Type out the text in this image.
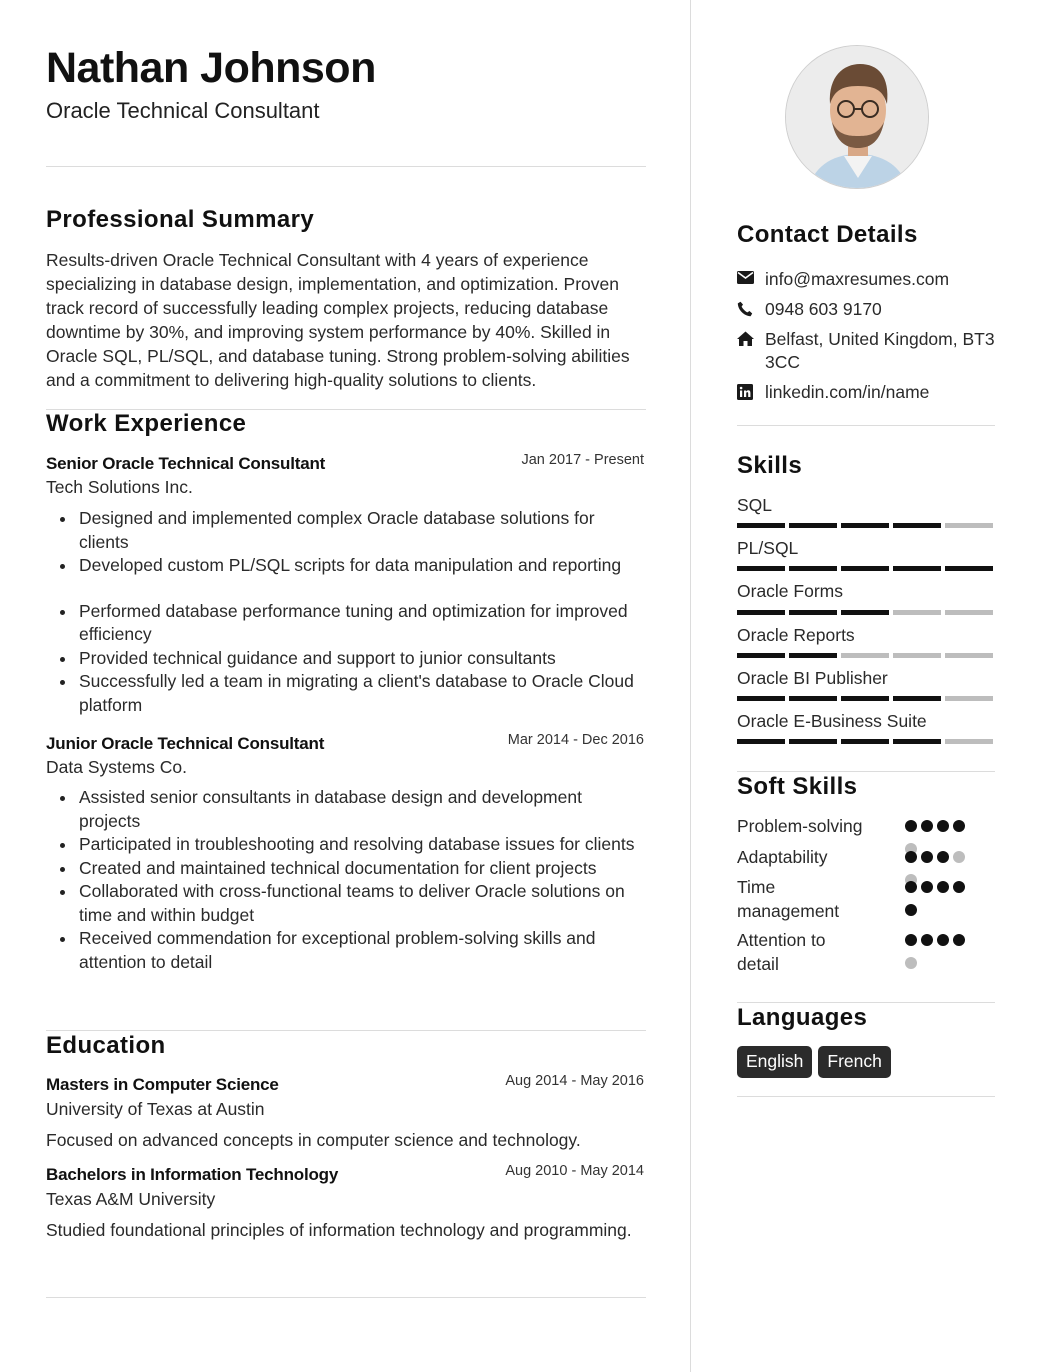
Nathan Johnson
Oracle Technical Consultant
Professional Summary
Results-driven Oracle Technical Consultant with 4 years of experience specializing in database design, implementation, and optimization. Proven track record of successfully leading complex projects, reducing database downtime by 30%, and improving system performance by 40%. Skilled in Oracle SQL, PL/SQL, and database tuning. Strong problem-solving abilities and a commitment to delivering high-quality solutions to clients.
Work Experience
Senior Oracle Technical Consultant	Jan 2017 - Present
Tech Solutions Inc.
Designed and implemented complex Oracle database solutions for clients
Developed custom PL/SQL scripts for data manipulation and reporting
Performed database performance tuning and optimization for improved efficiency
Provided technical guidance and support to junior consultants
Successfully led a team in migrating a client's database to Oracle Cloud platform
Junior Oracle Technical Consultant	Mar 2014 - Dec 2016
Data Systems Co.
Assisted senior consultants in database design and development projects
Participated in troubleshooting and resolving database issues for clients
Created and maintained technical documentation for client projects
Collaborated with cross-functional teams to deliver Oracle solutions on time and within budget
Received commendation for exceptional problem-solving skills and attention to detail
Education
Masters in Computer Science	Aug 2014 - May 2016
University of Texas at Austin
Focused on advanced concepts in computer science and technology.
Bachelors in Information Technology	Aug 2010 - May 2014
Texas A&M University
Studied foundational principles of information technology and programming.
Contact Details
info@maxresumes.com
0948 603 9170
Belfast, United Kingdom, BT3 3CC
linkedin.com/in/name
Skills
SQL
PL/SQL
Oracle Forms
Oracle Reports
Oracle BI Publisher
Oracle E-Business Suite
Soft Skills
Problem-solving
Adaptability
Time management
Attention to detail
Languages
English	French
